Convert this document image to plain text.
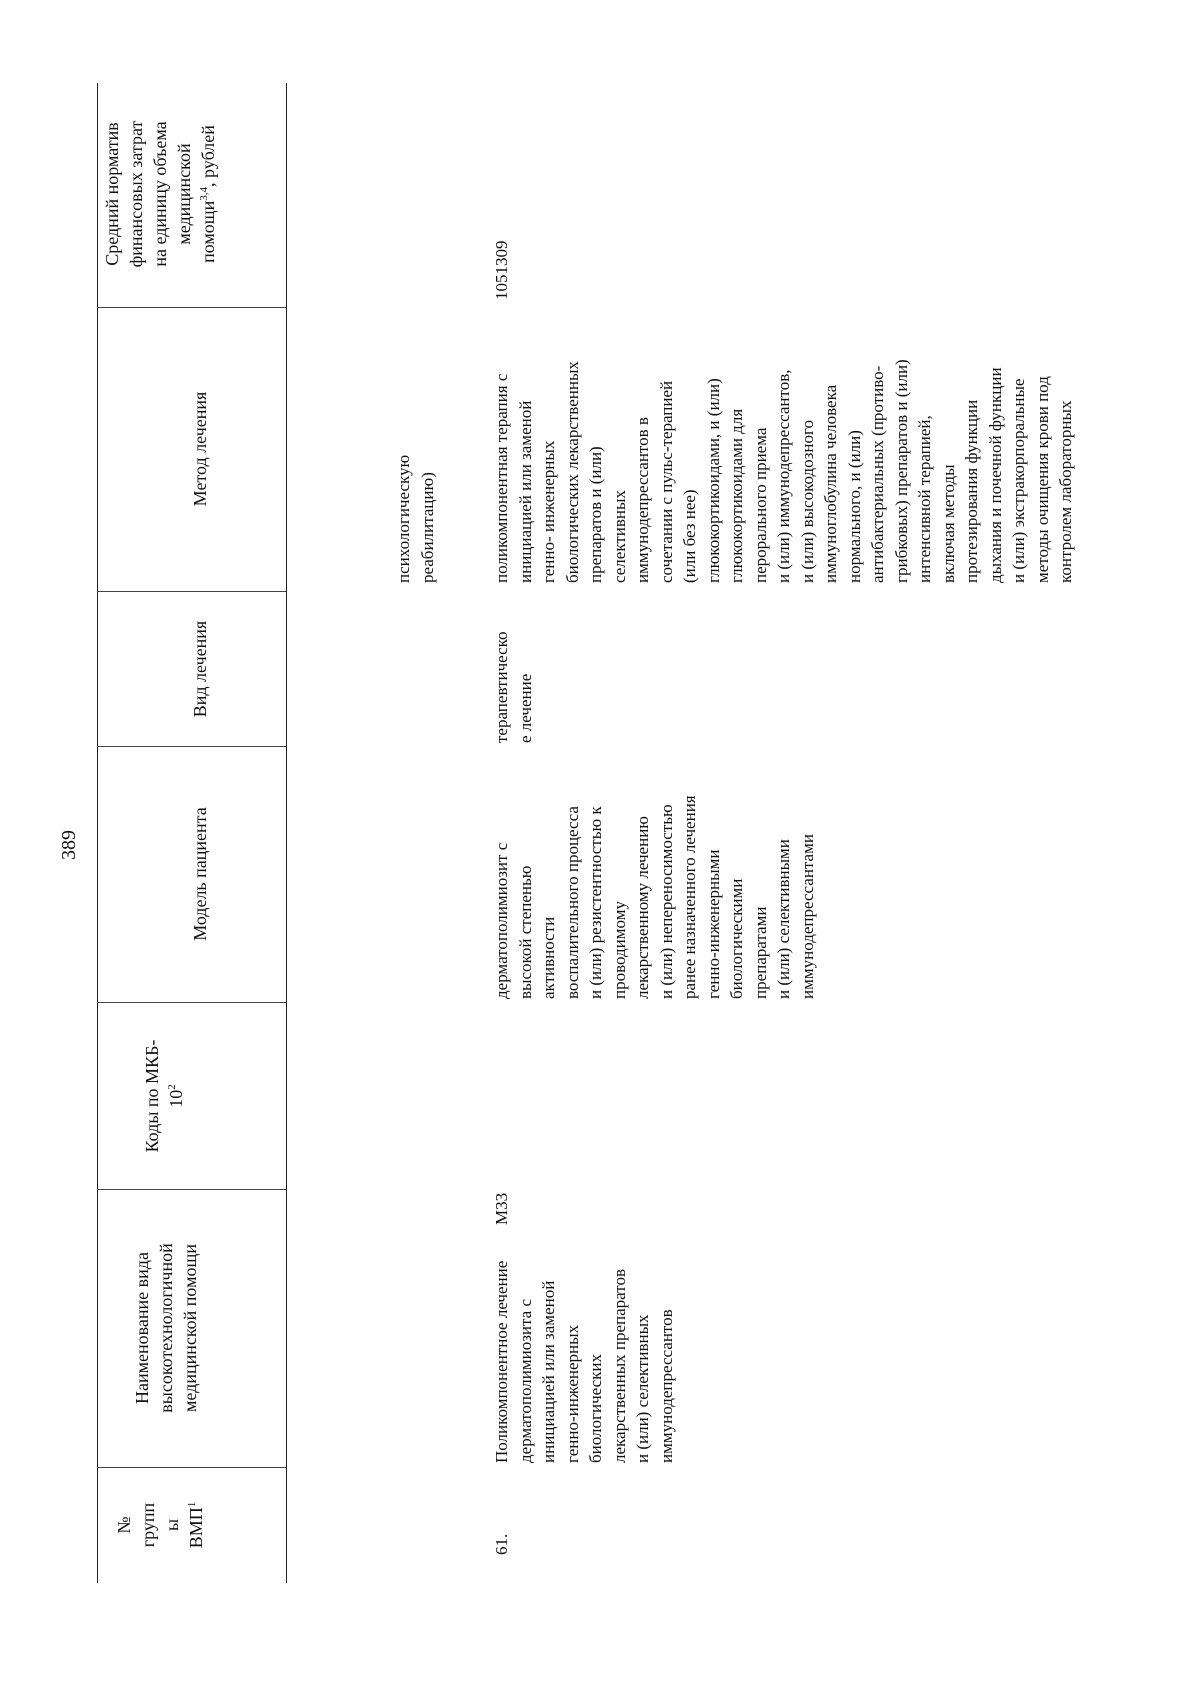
389
№
групп
ы
ВМП$^1$
Наименование вида
высокотехнологичной
медицинской помощи
Коды по МКБ-
$10^2$
Модель пациента
Вид лечения
Метод лечения
Средний норматив
финансовых затрат
на единицу объема
медицинской
помощи$^{3,4}$, рублей
психологическую
реабилитацию)
61.
Поликомпонентное лечение
дерматополимиозита с
инициацией или заменой
генно-инженерных
биологических
лекарственных препаратов
и (или) селективных
иммунодепрессантов
М33
дерматополимиозит с
высокой степенью
активности
воспалительного процесса
и (или) резистентностью к
проводимому
лекарственному лечению
и (или) непереносимостью
ранее назначенного лечения
генно-инженерными
биологическими
препаратами
и (или) селективными
иммунодепрессантами
терапевтическо
е лечение
поликомпонентная терапия с
инициацией или заменой
генно- инженерных
биологических лекарственных
препаратов и (или)
селективных
иммунодепрессантов в
сочетании с пульс-терапией
(или без нее)
глюкокортикоидами, и (или)
глюкокортикоидами для
перорального приема
и (или) иммунодепрессантов,
и (или) высокодозного
иммуноглобулина человека
нормального, и (или)
антибактериальных (противо-
грибковых) препаратов и (или)
интенсивной терапией,
включая методы
протезирования функции
дыхания и почечной функции
и (или) экстракорпоральные
методы очищения крови под
контролем лабораторных
1051309
